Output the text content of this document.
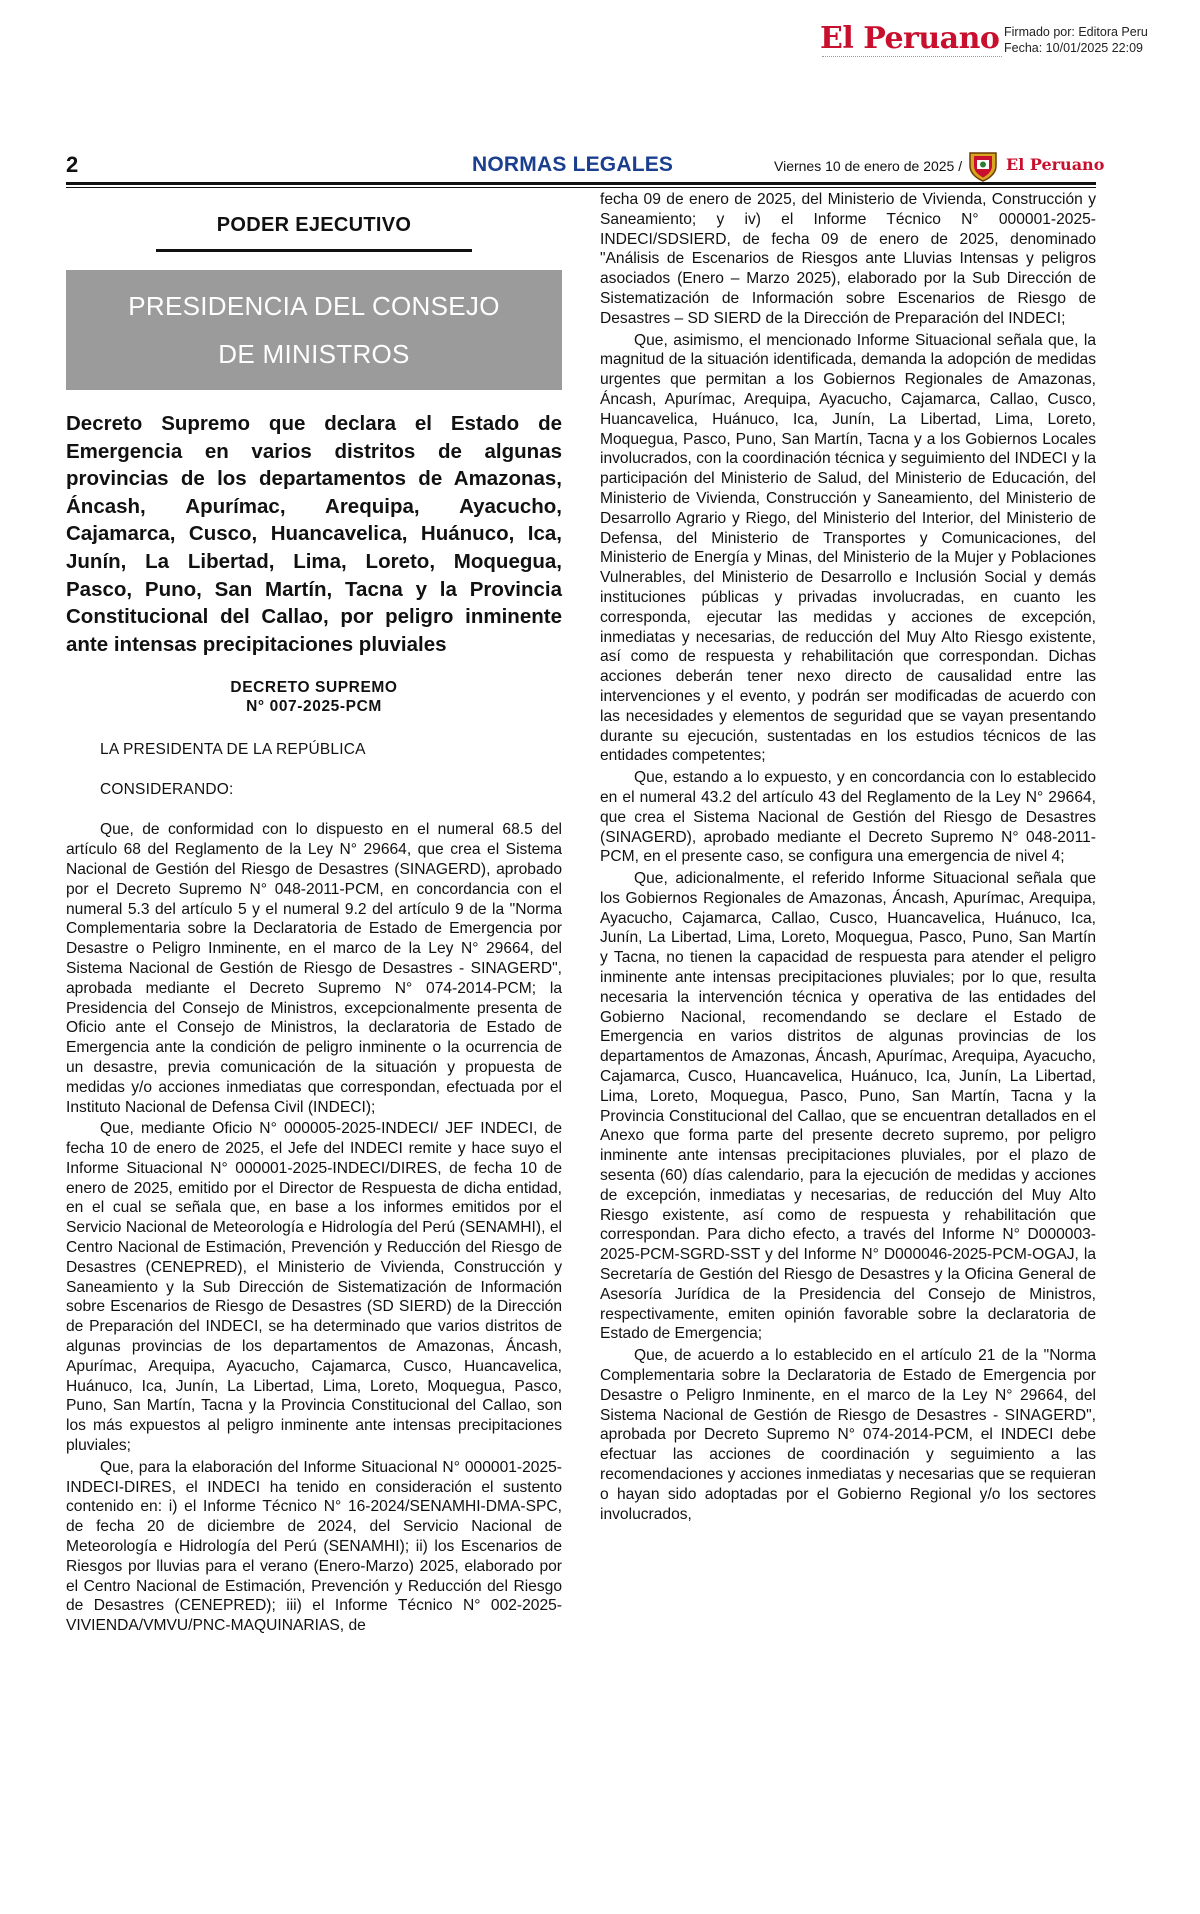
El Peruano Firmado por: Editora Peru
Fecha: 10/01/2025 22:09
2	NORMAS LEGALES	Viernes 10 de enero de 2025 /	El Peruano
PODER EJECUTIVO
PRESIDENCIA DEL CONSEJO
DE MINISTROS
Decreto Supremo que declara el Estado de Emergencia en varios distritos de algunas provincias de los departamentos de Amazonas, Áncash, Apurímac, Arequipa, Ayacucho, Cajamarca, Cusco, Huancavelica, Huánuco, Ica, Junín, La Libertad, Lima, Loreto, Moquegua, Pasco, Puno, San Martín, Tacna y la Provincia Constitucional del Callao, por peligro inminente ante intensas precipitaciones pluviales
DECRETO SUPREMO
N° 007-2025-PCM
LA PRESIDENTA DE LA REPÚBLICA
CONSIDERANDO:

Que, de conformidad con lo dispuesto en el numeral 68.5 del artículo 68 del Reglamento de la Ley N° 29664, que crea el Sistema Nacional de Gestión del Riesgo de Desastres (SINAGERD), aprobado por el Decreto Supremo N° 048-2011-PCM, en concordancia con el numeral 5.3 del artículo 5 y el numeral 9.2 del artículo 9 de la "Norma Complementaria sobre la Declaratoria de Estado de Emergencia por Desastre o Peligro Inminente, en el marco de la Ley N° 29664, del Sistema Nacional de Gestión de Riesgo de Desastres - SINAGERD", aprobada mediante el Decreto Supremo N° 074-2014-PCM; la Presidencia del Consejo de Ministros, excepcionalmente presenta de Oficio ante el Consejo de Ministros, la declaratoria de Estado de Emergencia ante la condición de peligro inminente o la ocurrencia de un desastre, previa comunicación de la situación y propuesta de medidas y/o acciones inmediatas que correspondan, efectuada por el Instituto Nacional de Defensa Civil (INDECI);

Que, mediante Oficio N° 000005-2025-INDECI/ JEF INDECI, de fecha 10 de enero de 2025, el Jefe del INDECI remite y hace suyo el Informe Situacional N° 000001-2025-INDECI/DIRES, de fecha 10 de enero de 2025, emitido por el Director de Respuesta de dicha entidad, en el cual se señala que, en base a los informes emitidos por el Servicio Nacional de Meteorología e Hidrología del Perú (SENAMHI), el Centro Nacional de Estimación, Prevención y Reducción del Riesgo de Desastres (CENEPRED), el Ministerio de Vivienda, Construcción y Saneamiento y la Sub Dirección de Sistematización de Información sobre Escenarios de Riesgo de Desastres (SD SIERD) de la Dirección de Preparación del INDECI, se ha determinado que varios distritos de algunas provincias de los departamentos de Amazonas, Áncash, Apurímac, Arequipa, Ayacucho, Cajamarca, Cusco, Huancavelica, Huánuco, Ica, Junín, La Libertad, Lima, Loreto, Moquegua, Pasco, Puno, San Martín, Tacna y la Provincia Constitucional del Callao, son los más expuestos al peligro inminente ante intensas precipitaciones pluviales;

Que, para la elaboración del Informe Situacional N° 000001-2025-INDECI-DIRES, el INDECI ha tenido en consideración el sustento contenido en: i) el Informe Técnico N° 16-2024/SENAMHI-DMA-SPC, de fecha 20 de diciembre de 2024, del Servicio Nacional de Meteorología e Hidrología del Perú (SENAMHI); ii) los Escenarios de Riesgos por lluvias para el verano (Enero-Marzo) 2025, elaborado por el Centro Nacional de Estimación, Prevención y Reducción del Riesgo de Desastres (CENEPRED); iii) el Informe Técnico N° 002-2025-VIVIENDA/VMVU/PNC-MAQUINARIAS, de

fecha 09 de enero de 2025, del Ministerio de Vivienda, Construcción y Saneamiento; y iv) el Informe Técnico N° 000001-2025-INDECI/SDSIERD, de fecha 09 de enero de 2025, denominado "Análisis de Escenarios de Riesgos ante Lluvias Intensas y peligros asociados (Enero – Marzo 2025), elaborado por la Sub Dirección de Sistematización de Información sobre Escenarios de Riesgo de Desastres – SD SIERD de la Dirección de Preparación del INDECI;

Que, asimismo, el mencionado Informe Situacional señala que, la magnitud de la situación identificada, demanda la adopción de medidas urgentes que permitan a los Gobiernos Regionales de Amazonas, Áncash, Apurímac, Arequipa, Ayacucho, Cajamarca, Callao, Cusco, Huancavelica, Huánuco, Ica, Junín, La Libertad, Lima, Loreto, Moquegua, Pasco, Puno, San Martín, Tacna y a los Gobiernos Locales involucrados, con la coordinación técnica y seguimiento del INDECI y la participación del Ministerio de Salud, del Ministerio de Educación, del Ministerio de Vivienda, Construcción y Saneamiento, del Ministerio de Desarrollo Agrario y Riego, del Ministerio del Interior, del Ministerio de Defensa, del Ministerio de Transportes y Comunicaciones, del Ministerio de Energía y Minas, del Ministerio de la Mujer y Poblaciones Vulnerables, del Ministerio de Desarrollo e Inclusión Social y demás instituciones públicas y privadas involucradas, en cuanto les corresponda, ejecutar las medidas y acciones de excepción, inmediatas y necesarias, de reducción del Muy Alto Riesgo existente, así como de respuesta y rehabilitación que correspondan. Dichas acciones deberán tener nexo directo de causalidad entre las intervenciones y el evento, y podrán ser modificadas de acuerdo con las necesidades y elementos de seguridad que se vayan presentando durante su ejecución, sustentadas en los estudios técnicos de las entidades competentes;

Que, estando a lo expuesto, y en concordancia con lo establecido en el numeral 43.2 del artículo 43 del Reglamento de la Ley N° 29664, que crea el Sistema Nacional de Gestión del Riesgo de Desastres (SINAGERD), aprobado mediante el Decreto Supremo N° 048-2011-PCM, en el presente caso, se configura una emergencia de nivel 4;

Que, adicionalmente, el referido Informe Situacional señala que los Gobiernos Regionales de Amazonas, Áncash, Apurímac, Arequipa, Ayacucho, Cajamarca, Callao, Cusco, Huancavelica, Huánuco, Ica, Junín, La Libertad, Lima, Loreto, Moquegua, Pasco, Puno, San Martín y Tacna, no tienen la capacidad de respuesta para atender el peligro inminente ante intensas precipitaciones pluviales; por lo que, resulta necesaria la intervención técnica y operativa de las entidades del Gobierno Nacional, recomendando se declare el Estado de Emergencia en varios distritos de algunas provincias de los departamentos de Amazonas, Áncash, Apurímac, Arequipa, Ayacucho, Cajamarca, Cusco, Huancavelica, Huánuco, Ica, Junín, La Libertad, Lima, Loreto, Moquegua, Pasco, Puno, San Martín, Tacna y la Provincia Constitucional del Callao, que se encuentran detallados en el Anexo que forma parte del presente decreto supremo, por peligro inminente ante intensas precipitaciones pluviales, por el plazo de sesenta (60) días calendario, para la ejecución de medidas y acciones de excepción, inmediatas y necesarias, de reducción del Muy Alto Riesgo existente, así como de respuesta y rehabilitación que correspondan. Para dicho efecto, a través del Informe N° D000003-2025-PCM-SGRD-SST y del Informe N° D000046-2025-PCM-OGAJ, la Secretaría de Gestión del Riesgo de Desastres y la Oficina General de Asesoría Jurídica de la Presidencia del Consejo de Ministros, respectivamente, emiten opinión favorable sobre la declaratoria de Estado de Emergencia;

Que, de acuerdo a lo establecido en el artículo 21 de la "Norma Complementaria sobre la Declaratoria de Estado de Emergencia por Desastre o Peligro Inminente, en el marco de la Ley N° 29664, del Sistema Nacional de Gestión de Riesgo de Desastres - SINAGERD", aprobada por Decreto Supremo N° 074-2014-PCM, el INDECI debe efectuar las acciones de coordinación y seguimiento a las recomendaciones y acciones inmediatas y necesarias que se requieran o hayan sido adoptadas por el Gobierno Regional y/o los sectores involucrados,
